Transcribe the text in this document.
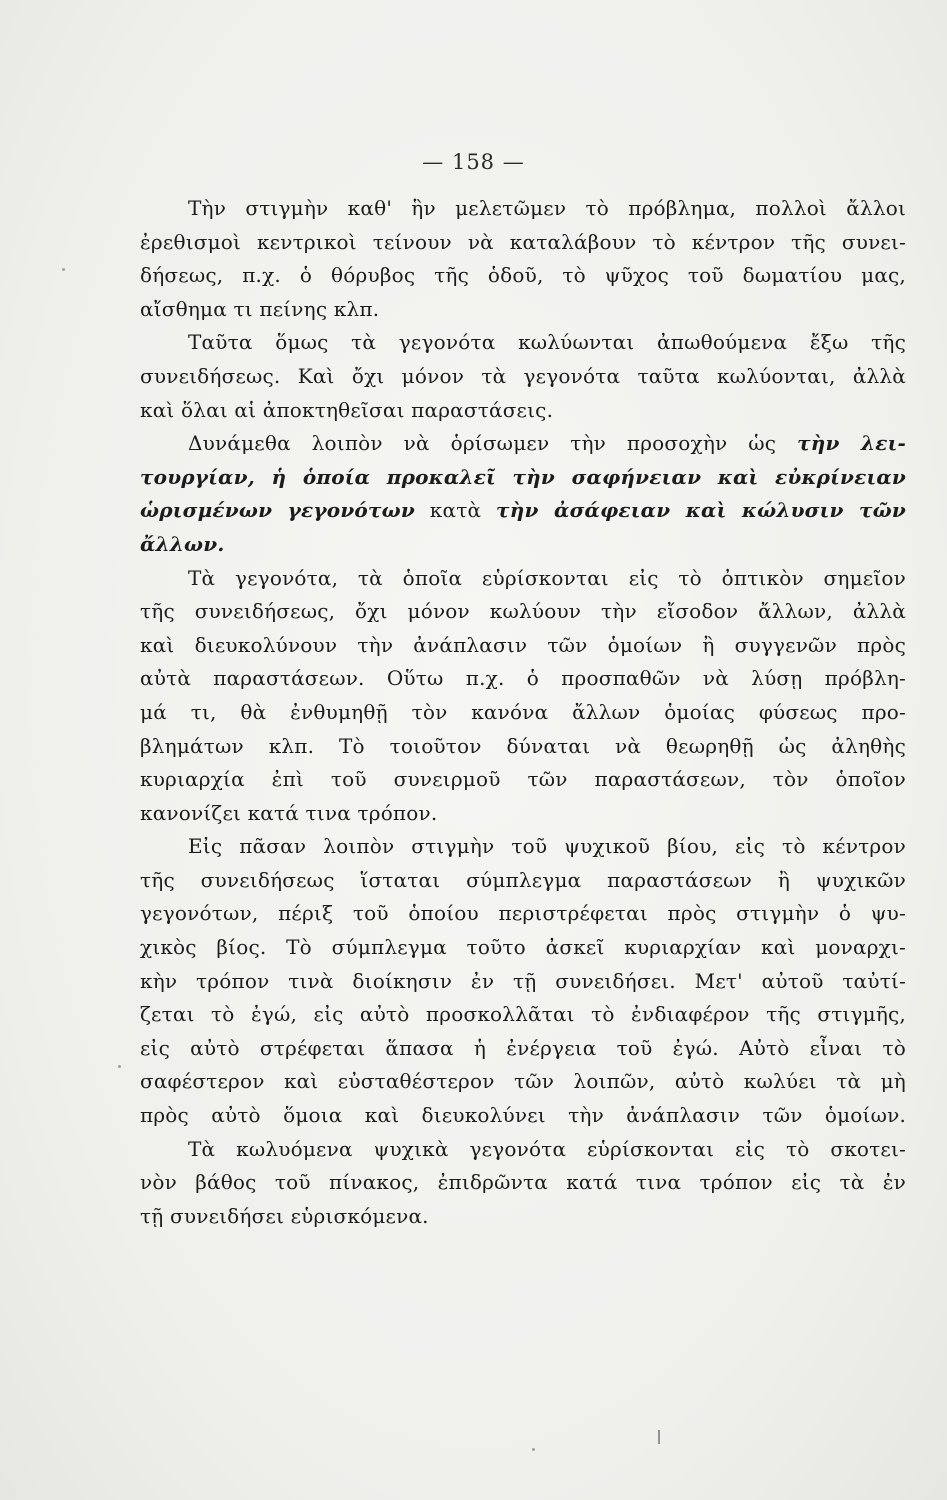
— 158 —
Τὴν στιγμὴν καθ' ἣν μελετῶμεν τὸ πρόβλημα, πολλοὶ ἄλλοι
ἐρεθισμοὶ κεντρικοὶ τείνουν νὰ καταλάβουν τὸ κέντρον τῆς συνει-
δήσεως, π.χ. ὁ θόρυβος τῆς ὁδοῦ, τὸ ψῦχος τοῦ δωματίου μας,
αἴσθημα τι πείνης κλπ.
Ταῦτα ὅμως τὰ γεγονότα κωλύωνται ἀπωθούμενα ἔξω τῆς
συνειδήσεως. Καὶ ὄχι μόνον τὰ γεγονότα ταῦτα κωλύονται, ἀλλὰ
καὶ ὅλαι αἱ ἀποκτηθεῖσαι παραστάσεις.
Δυνάμεθα λοιπὸν νὰ ὁρίσωμεν τὴν προσοχὴν ὡς τὴν λει-
τουργίαν, ἡ ὁποία προκαλεῖ τὴν σαφήνειαν καὶ εὐκρίνειαν
ὡρισμένων γεγονότων κατὰ τὴν ἀσάφειαν καὶ κώλυσιν τῶν
ἄλλων.
Τὰ γεγονότα, τὰ ὁποῖα εὑρίσκονται εἰς τὸ ὀπτικὸν σημεῖον
τῆς συνειδήσεως, ὄχι μόνον κωλύουν τὴν εἴσοδον ἄλλων, ἀλλὰ
καὶ διευκολύνουν τὴν ἀνάπλασιν τῶν ὁμοίων ἢ συγγενῶν πρὸς
αὐτὰ παραστάσεων. Οὕτω π.χ. ὁ προσπαθῶν νὰ λύσῃ πρόβλη-
μά τι, θὰ ἐνθυμηθῇ τὸν κανόνα ἄλλων ὁμοίας φύσεως προ-
βλημάτων κλπ. Τὸ τοιοῦτον δύναται νὰ θεωρηθῇ ὡς ἀληθὴς
κυριαρχία ἐπὶ τοῦ συνειρμοῦ τῶν παραστάσεων, τὸν ὁποῖον
κανονίζει κατά τινα τρόπον.
Εἰς πᾶσαν λοιπὸν στιγμὴν τοῦ ψυχικοῦ βίου, εἰς τὸ κέντρον
τῆς συνειδήσεως ἵσταται σύμπλεγμα παραστάσεων ἢ ψυχικῶν
γεγονότων, πέριξ τοῦ ὁποίου περιστρέφεται πρὸς στιγμὴν ὁ ψυ-
χικὸς βίος. Τὸ σύμπλεγμα τοῦτο ἀσκεῖ κυριαρχίαν καὶ μοναρχι-
κὴν τρόπον τινὰ διοίκησιν ἐν τῇ συνειδήσει. Μετ' αὐτοῦ ταὐτί-
ζεται τὸ ἐγώ, εἰς αὐτὸ προσκολλᾶται τὸ ἐνδιαφέρον τῆς στιγμῆς,
εἰς αὐτὸ στρέφεται ἅπασα ἡ ἐνέργεια τοῦ ἐγώ. Αὐτὸ εἶναι τὸ
σαφέστερον καὶ εὐσταθέστερον τῶν λοιπῶν, αὐτὸ κωλύει τὰ μὴ
πρὸς αὐτὸ ὅμοια καὶ διευκολύνει τὴν ἀνάπλασιν τῶν ὁμοίων.
Τὰ κωλυόμενα ψυχικὰ γεγονότα εὑρίσκονται εἰς τὸ σκοτει-
νὸν βάθος τοῦ πίνακος, ἐπιδρῶντα κατά τινα τρόπον εἰς τὰ ἐν
τῇ συνειδήσει εὑρισκόμενα.
